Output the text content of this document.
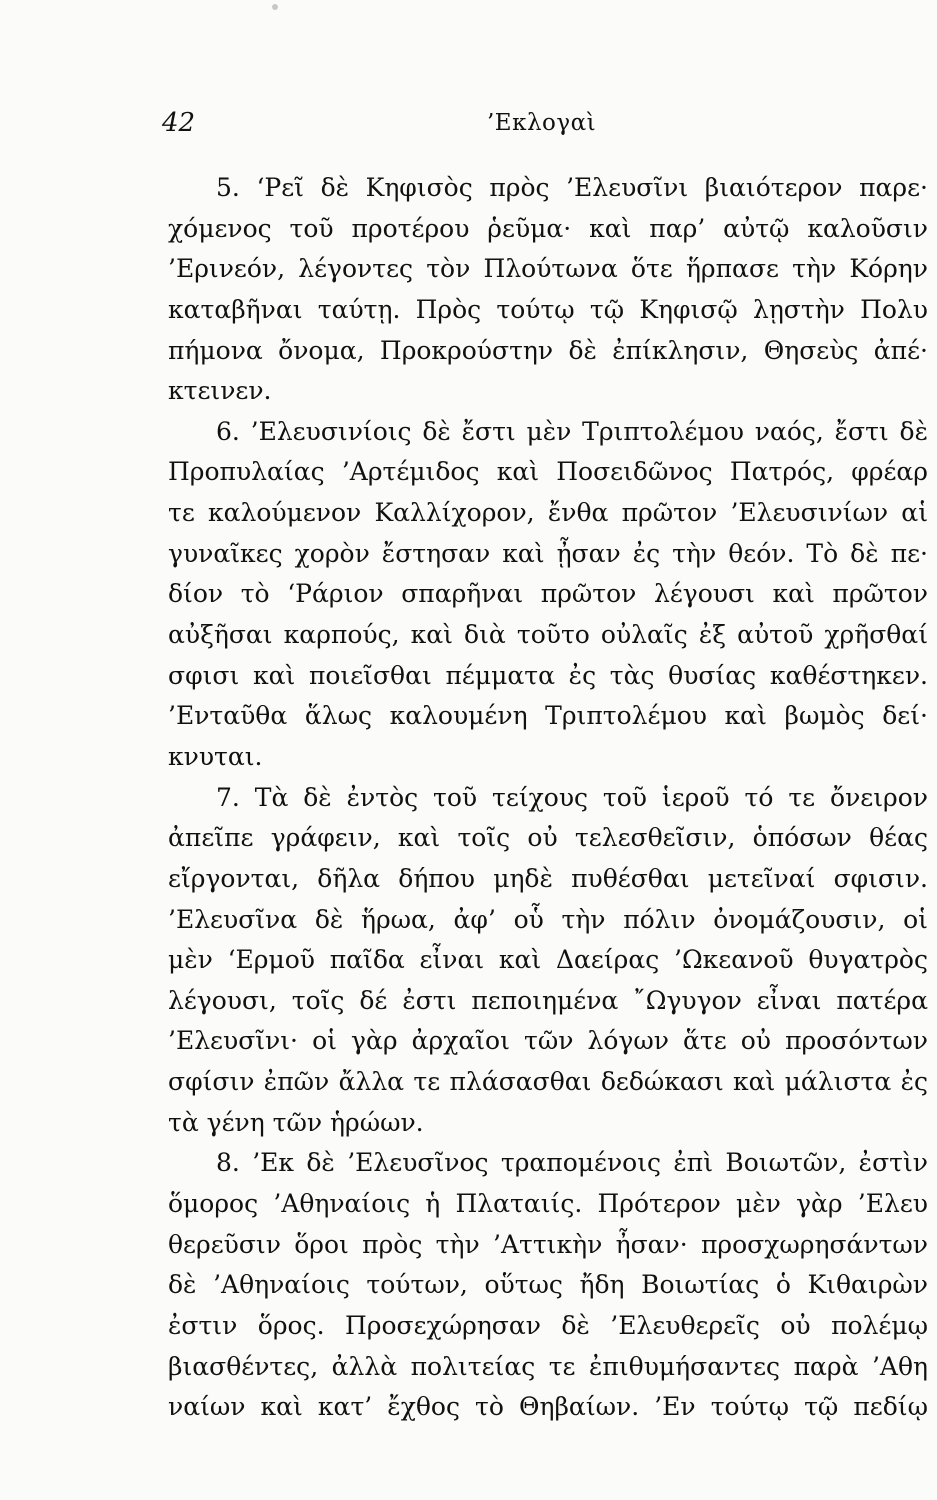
42	’Εκλογαὶ
5. ‘Ρεῖ δὲ Κηφισὸς πρὸς ’Ελευσῖνι βιαιότερον παρε·
χόμενος τοῦ προτέρου ῥεῦμα· καὶ παρ’ αὐτῷ καλοῦσιν
’Ερινεόν, λέγοντες τὸν Πλούτωνα ὅτε ἥρπασε τὴν Κόρην
καταβῆναι ταύτῃ. Πρὸς τούτῳ τῷ Κηφισῷ λῃστὴν Πολυ
πήμονα ὄνομα, Προκρούστην δὲ ἐπίκλησιν, Θησεὺς ἀπέ·
κτεινεν.
6. ’Ελευσινίοις δὲ ἔστι μὲν Τριπτολέμου ναός, ἔστι δὲ
Προπυλαίας ’Αρτέμιδος καὶ Ποσειδῶνος Πατρός, φρέαρ
τε καλούμενον Καλλίχορον, ἔνθα πρῶτον ’Ελευσινίων αἱ
γυναῖκες χορὸν ἔστησαν καὶ ᾖσαν ἐς τὴν θεόν. Τὸ δὲ πε·
δίον τὸ ‘Ράριον σπαρῆναι πρῶτον λέγουσι καὶ πρῶτον
αὐξῆσαι καρπούς, καὶ διὰ τοῦτο οὐλαῖς ἐξ αὐτοῦ χρῆσθαί
σφισι καὶ ποιεῖσθαι πέμματα ἐς τὰς θυσίας καθέστηκεν.
’Ενταῦθα ἅλως καλουμένη Τριπτολέμου καὶ βωμὸς δεί·
κνυται.
7. Τὰ δὲ ἐντὸς τοῦ τείχους τοῦ ἱεροῦ τό τε ὄνειρον
ἀπεῖπε γράφειν, καὶ τοῖς οὐ τελεσθεῖσιν, ὁπόσων θέας
εἴργονται, δῆλα δήπου μηδὲ πυθέσθαι μετεῖναί σφισιν.
’Ελευσῖνα δὲ ἥρωα, ἀφ’ οὗ τὴν πόλιν ὀνομάζουσιν, οἱ
μὲν ‘Ερμοῦ παῖδα εἶναι καὶ Δαείρας ’Ωκεανοῦ θυγατρὸς
λέγουσι, τοῖς δέ ἐστι πεποιημένα ῎Ωγυγον εἶναι πατέρα
’Ελευσῖνι· οἱ γὰρ ἀρχαῖοι τῶν λόγων ἅτε οὐ προσόντων
σφίσιν ἐπῶν ἄλλα τε πλάσασθαι δεδώκασι καὶ μάλιστα ἐς
τὰ γένη τῶν ἡρώων.
8. ’Εκ δὲ ’Ελευσῖνος τραπομένοις ἐπὶ Βοιωτῶν, ἐστὶν
ὅμορος ’Αθηναίοις ἡ Πλαταιίς. Πρότερον μὲν γὰρ ’Ελευ
θερεῦσιν ὅροι πρὸς τὴν ’Αττικὴν ἦσαν· προσχωρησάντων
δὲ ’Αθηναίοις τούτων, οὕτως ἤδη Βοιωτίας ὁ Κιθαιρὼν
ἐστιν ὅρος. Προσεχώρησαν δὲ ’Ελευθερεῖς οὐ πολέμῳ
βιασθέντες, ἀλλὰ πολιτείας τε ἐπιθυμήσαντες παρὰ ’Αθη
ναίων καὶ κατ’ ἔχθος τὸ Θηβαίων. ’Εν τούτῳ τῷ πεδίῳ
